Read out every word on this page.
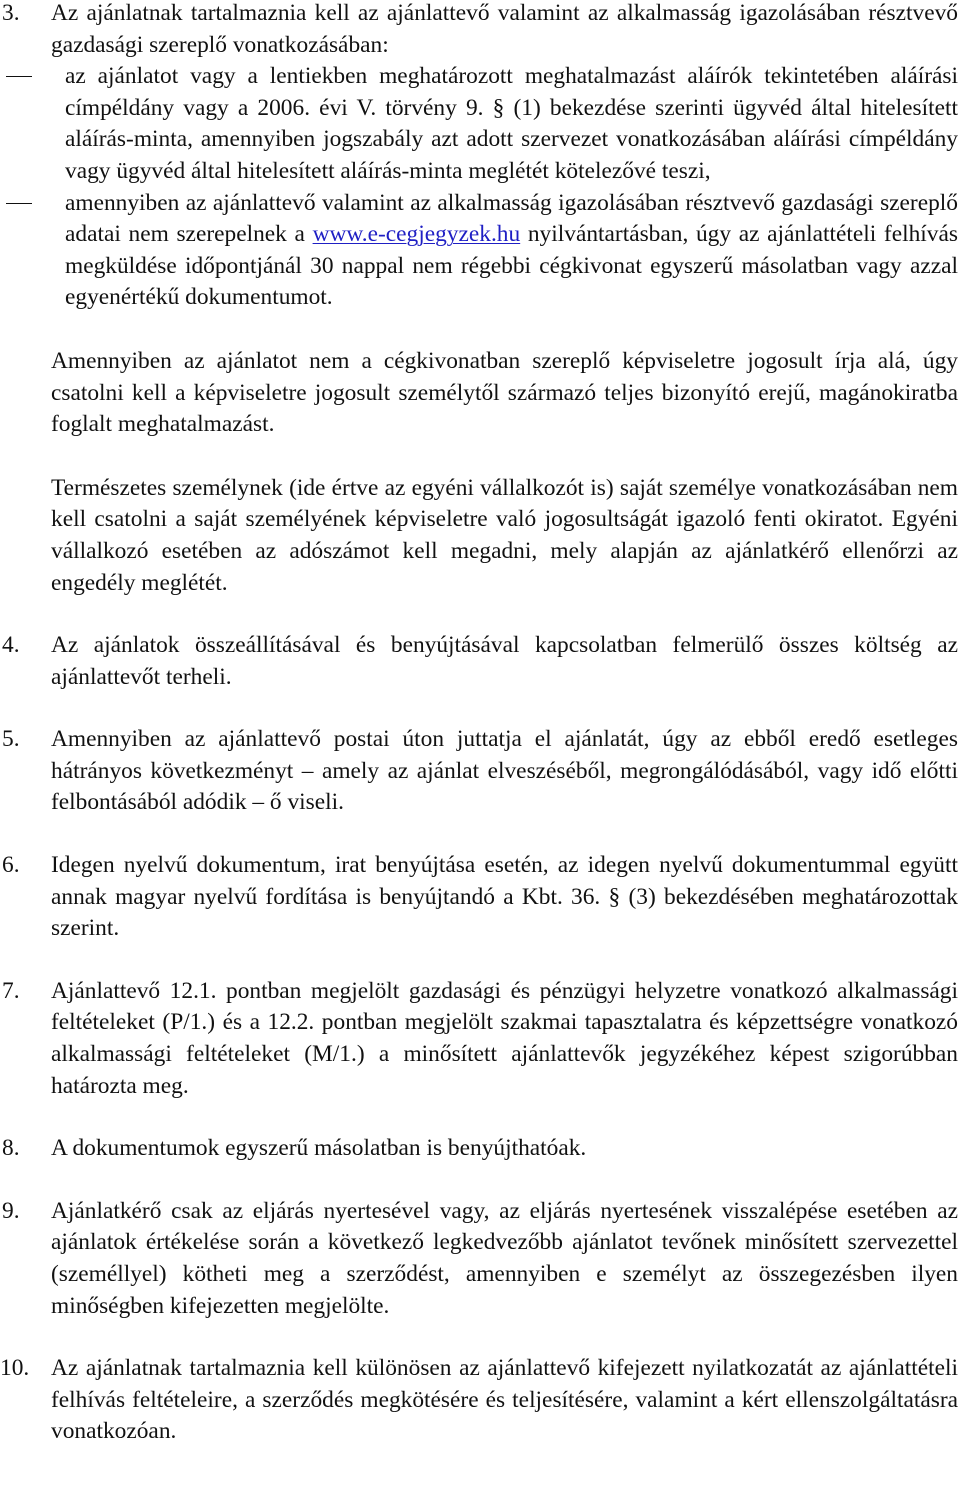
3. Az ajánlatnak tartalmaznia kell az ajánlattevő valamint az alkalmasság igazolásában résztvevő gazdasági szereplő vonatkozásában:
az ajánlatot vagy a lentiekben meghatározott meghatalmazást aláírók tekintetében aláírási címpéldány vagy a 2006. évi V. törvény 9. § (1) bekezdése szerinti ügyvéd által hitelesített aláírás-minta, amennyiben jogszabály azt adott szervezet vonatkozásában aláírási címpéldány vagy ügyvéd által hitelesített aláírás-minta meglétét kötelezővé teszi,
amennyiben az ajánlattevő valamint az alkalmasság igazolásában résztvevő gazdasági szereplő adatai nem szerepelnek a www.e-cegjegyzek.hu nyilvántartásban, úgy az ajánlattételi felhívás megküldése időpontjánál 30 nappal nem régebbi cégkivonat egyszerű másolatban vagy azzal egyenértékű dokumentumot.

Amennyiben az ajánlatot nem a cégkivonatban szereplő képviseletre jogosult írja alá, úgy csatolni kell a képviseletre jogosult személytől származó teljes bizonyító erejű, magánokiratba foglalt meghatalmazást.

Természetes személynek (ide értve az egyéni vállalkozót is) saját személye vonatkozásában nem kell csatolni a saját személyének képviseletre való jogosultságát igazoló fenti okiratot. Egyéni vállalkozó esetében az adószámot kell megadni, mely alapján az ajánlatkérő ellenőrzi az engedély meglétét.

4. Az ajánlatok összeállításával és benyújtásával kapcsolatban felmerülő összes költség az ajánlattevőt terheli.
5. Amennyiben az ajánlattevő postai úton juttatja el ajánlatát, úgy az ebből eredő esetleges hátrányos következményt – amely az ajánlat elveszéséből, megrongálódásából, vagy idő előtti felbontásából adódik – ő viseli.
6. Idegen nyelvű dokumentum, irat benyújtása esetén, az idegen nyelvű dokumentummal együtt annak magyar nyelvű fordítása is benyújtandó a Kbt. 36. § (3) bekezdésében meghatározottak szerint.
7. Ajánlattevő 12.1. pontban megjelölt gazdasági és pénzügyi helyzetre vonatkozó alkalmassági feltételeket (P/1.) és a 12.2. pontban megjelölt szakmai tapasztalatra és képzettségre vonatkozó alkalmassági feltételeket (M/1.) a minősített ajánlattevők jegyzékéhez képest szigorúbban határozta meg.
8. A dokumentumok egyszerű másolatban is benyújthatóak.
9. Ajánlatkérő csak az eljárás nyertesével vagy, az eljárás nyertesének visszalépése esetében az ajánlatok értékelése során a következő legkedvezőbb ajánlatot tevőnek minősített szervezettel (személlyel) kötheti meg a szerződést, amennyiben e személyt az összegezésben ilyen minőségben kifejezetten megjelölte.
10. Az ajánlatnak tartalmaznia kell különösen az ajánlattevő kifejezett nyilatkozatát az ajánlattételi felhívás feltételeire, a szerződés megkötésére és teljesítésére, valamint a kért ellenszolgáltatásra vonatkozóan.
